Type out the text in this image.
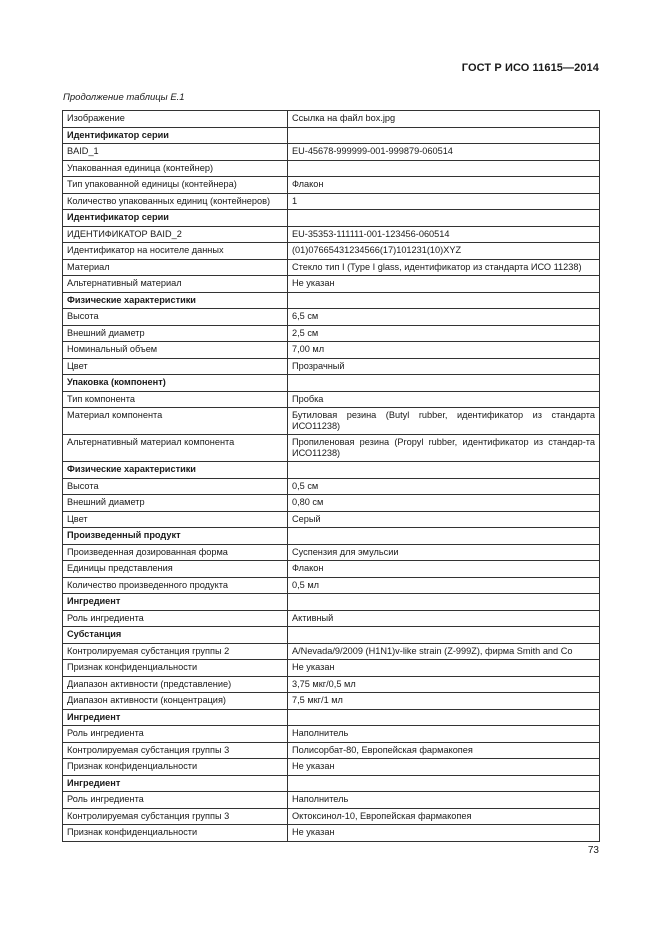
ГОСТ Р ИСО 11615—2014
Продолжение таблицы Е.1
Изображение	Ссылка на файл box.jpg
Идентификатор серии	
BAID_1	EU-45678-999999-001-999879-060514
Упакованная единица (контейнер)	
Тип упакованной единицы (контейнера)	Флакон
Количество упакованных единиц (контейнеров)	1
Идентификатор серии	
ИДЕНТИФИКАТОР BAID_2	EU-35353-111111-001-123456-060514
Идентификатор на носителе данных	(01)07665431234566(17)101231(10)XYZ
Материал	Стекло тип I (Type I glass, идентификатор из стандарта ИСО 11238)
Альтернативный материал	Не указан
Физические характеристики	
Высота	6,5 см
Внешний диаметр	2,5 см
Номинальный объем	7,00 мл
Цвет	Прозрачный
Упаковка (компонент)	
Тип компонента	Пробка
Материал компонента	Бутиловая резина (Butyl rubber, идентификатор из стандарта ИСО11238)
Альтернативный материал компонента	Пропиленовая резина (Propyl rubber, идентификатор из стандар-та ИСО11238)
Физические характеристики	
Высота	0,5 см
Внешний диаметр	0,80 см
Цвет	Серый
Произведенный продукт	
Произведенная дозированная форма	Суспензия для эмульсии
Единицы представления	Флакон
Количество произведенного продукта	0,5 мл
Ингредиент	
Роль ингредиента	Активный
Субстанция	
Контролируемая субстанция группы 2	A/Nevada/9/2009 (H1N1)v-like strain (Z-999Z), фирма Smith and Co
Признак конфиденциальности	Не указан
Диапазон активности (представление)	3,75 мкг/0,5 мл
Диапазон активности (концентрация)	7,5 мкг/1 мл
Ингредиент	
Роль ингредиента	Наполнитель
Контролируемая субстанция группы 3	Полисорбат-80, Европейская фармакопея
Признак конфиденциальности	Не указан
Ингредиент	
Роль ингредиента	Наполнитель
Контролируемая субстанция группы 3	Октоксинол-10, Европейская фармакопея
Признак конфиденциальности	Не указан
73
